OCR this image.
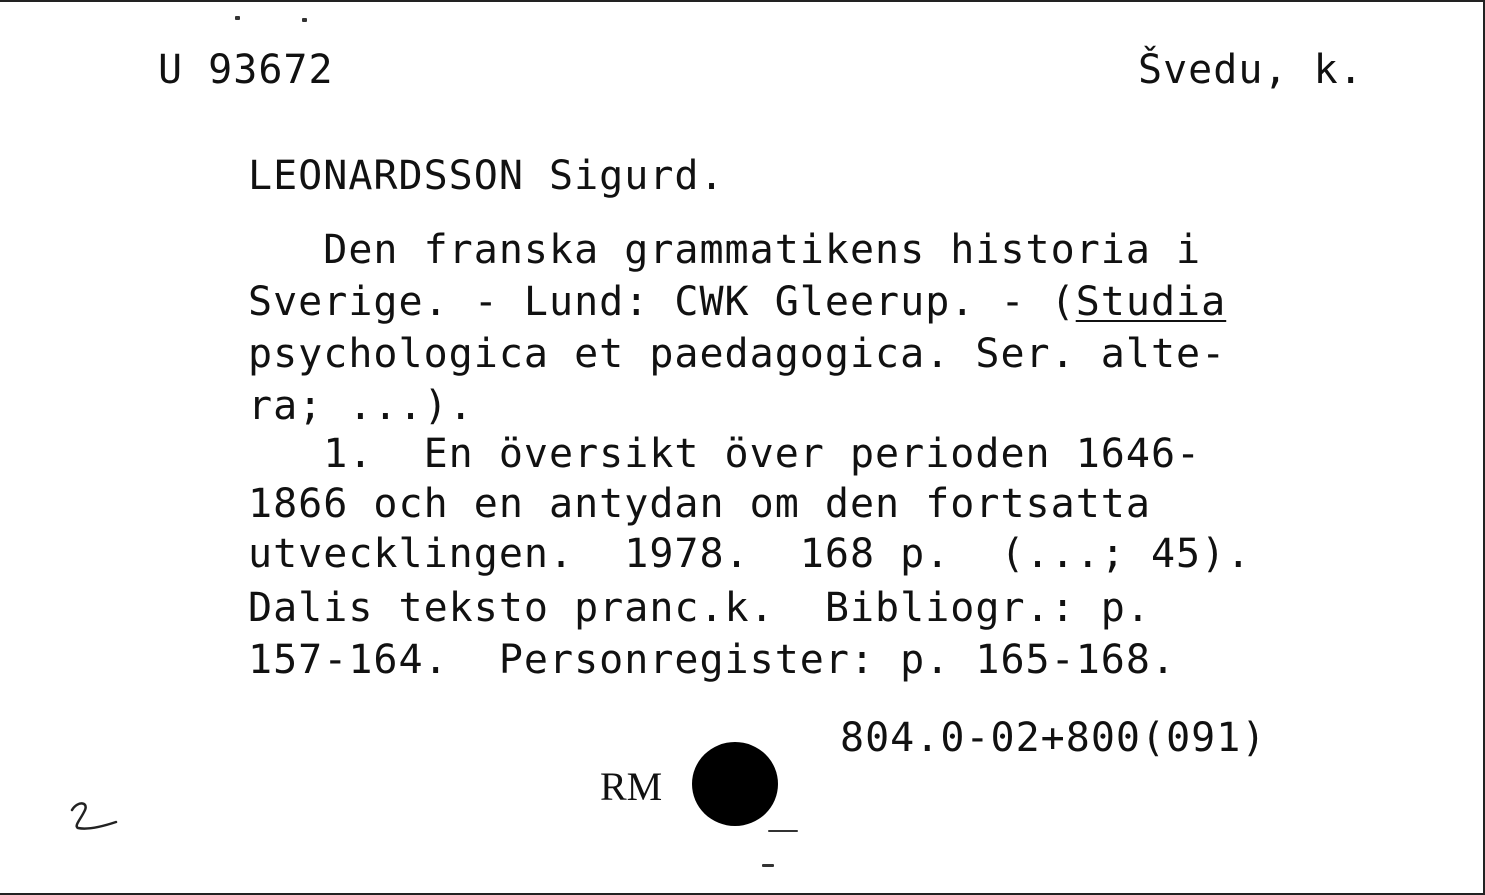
U 93672	Švedu, k.
LEONARDSSON Sigurd.
Den franska grammatikens historia i
Sverige. - Lund: CWK Gleerup. - (Studia
psychologica et paedagogica. Ser. alte-
ra; ...).
1.  En översikt över perioden 1646-
1866 och en antydan om den fortsatta
utvecklingen.  1978.  168 p.  (...; 45).
Dalis teksto pranc.k.  Bibliogr.: p.
157-164.  Personregister: p. 165-168.
804.0-02+800(091)
RM
